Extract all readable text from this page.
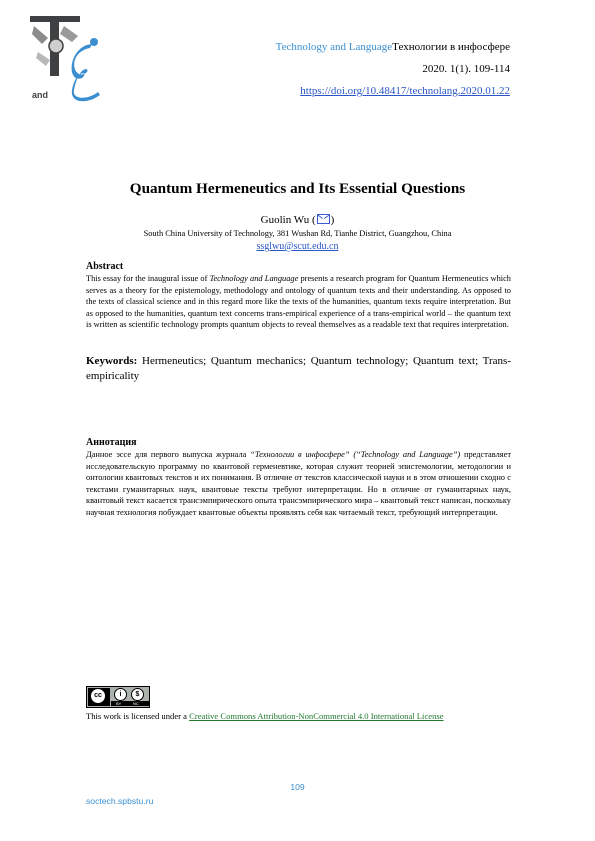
and
Technology and LanguageТехнологии в инфосфере
2020. 1(1). 109-114
https://doi.org/10.48417/technolang.2020.01.22
Quantum Hermeneutics and Its Essential Questions
Guolin Wu ( )
South China University of Technology, 381 Wushan Rd, Tianhe District, Guangzhou, China
ssglwu@scut.edu.cn
Abstract
This essay for the inaugural issue of Technology and Language presents a research program for Quantum Hermeneutics which serves as a theory for the epistemology, methodology and ontology of quantum texts and their understanding. As opposed to the texts of classical science and in this regard more like the texts of the humanities, quantum texts require interpretation. But as opposed to the humanities, quantum text concerns trans-empirical experience of a trans-empirical world – the quantum text is written as scientific technology prompts quantum objects to reveal themselves as a readable text that requires interpretation.
Keywords: Hermeneutics; Quantum mechanics; Quantum technology; Quantum text; Trans-empiricality
Аннотация
Данное эссе для первого выпуска журнала “Технологии в инфосфере” (“Technology and Language”) представляет исследовательскую программу по квантовой герменевтике, которая служит теорией эпистемологии, методологии и онтологии квантовых текстов и их понимания. В отличие от текстов классической науки и в этом отношении сходно с текстами гуманитарных наук, квантовые тексты требуют интерпретации. Но в отличие от гуманитарных наук, квантовый текст касается трансэмпирического опыта трансэмпирического мира – квантовый текст написан, поскольку научная технология побуждает квантовые объекты проявлять себя как читаемый текст, требующий интерпретации.
cc	i	$
BY	NC
This work is licensed under a Creative Commons Attribution-NonCommercial 4.0 International License
109
soctech.spbstu.ru
